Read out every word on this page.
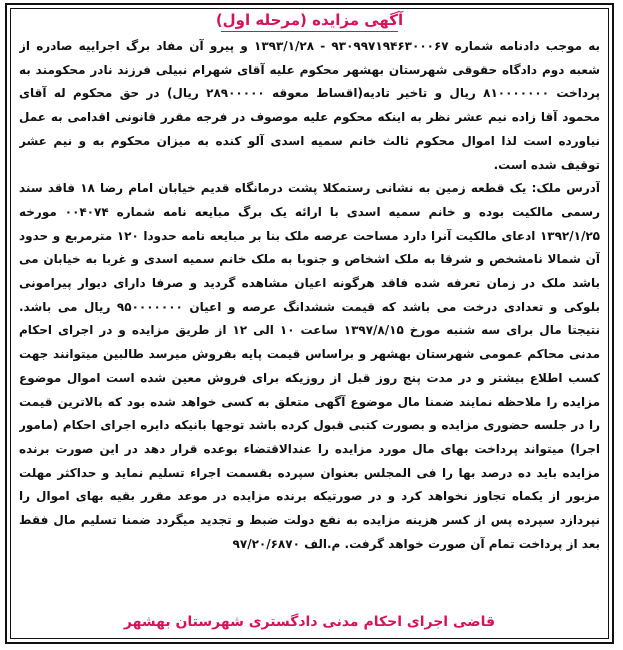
آگهی مزایده (مرحله اول)

به موجب دادنامه شماره ۹۳۰۹۹۷۱۹۴۶۳۰۰۰۶۷ - ۱۳۹۳/۱/۲۸ و پیرو آن مفاد برگ اجراییه صادره از شعبه دوم دادگاه حقوقی شهرستان بهشهر محکوم علیه آقای شهرام نبیلی فرزند نادر محکومند به پرداخت ۸۱۰۰۰۰۰۰۰ ریال و تاخیر تادیه(اقساط معوقه ۲۸۹۰۰۰۰۰ ریال) در حق محکوم له آقای محمود آقا زاده نیم عشر نظر به اینکه محکوم علیه موصوف در فرجه مقرر قانونی اقدامی به عمل نیاورده است لذا اموال محکوم ثالث خانم سمیه اسدی آلو کنده به میزان محکوم به و نیم عشر توقیف شده است.

آدرس ملک: یک قطعه زمین به نشانی رستمکلا پشت درمانگاه قدیم خیابان امام رضا ۱۸ فاقد سند رسمی مالکیت بوده و خانم سمیه اسدی با ارائه یک برگ مبایعه نامه شماره ۰۰۴۰۷۴ مورخه ۱۳۹۲/۱/۲۵ ادعای مالکیت آنرا دارد مساحت عرصه ملک بنا بر مبایعه نامه حدودا ۱۲۰ مترمربع و حدود آن شمالا نامشخص و شرقا به ملک اشخاص و جنوبا به ملک خانم سمیه اسدی و غربا به خیابان می باشد ملک در زمان تعرفه شده فاقد هرگونه اعیان مشاهده گردید و صرفا دارای دیوار پیرامونی بلوکی و تعدادی درخت می باشد که قیمت ششدانگ عرصه و اعیان ۹۵۰۰۰۰۰۰۰ ریال می باشد. نتیجتا مال برای سه شنبه مورخ ۱۳۹۷/۸/۱۵ ساعت ۱۰ الی ۱۲ از طریق مزایده و در اجرای احکام مدنی محاکم عمومی شهرستان بهشهر و براساس قیمت پایه بفروش میرسد طالبین میتوانند جهت کسب اطلاع بیشتر و در مدت پنج روز قبل از روزیکه برای فروش معین شده است اموال موضوع مزایده را ملاحظه نمایند ضمنا مال موضوع آگهی متعلق به کسی خواهد شده بود که بالاترین قیمت را در جلسه حضوری مزایده و بصورت کتبی قبول کرده باشد توجها بانیکه دایره اجرای احکام (مامور اجرا) میتواند پرداخت بهای مال مورد مزایده را عندالاقتضاء بوعده قرار دهد در این صورت برنده مزایده باید ده درصد بها را فی المجلس بعنوان سپرده بقسمت اجراء تسلیم نماید و حداکثر مهلت مزبور از یکماه تجاوز نخواهد کرد و در صورتیکه برنده مزایده در موعد مقرر بقیه بهای اموال را نپردازد سپرده پس از کسر هزینه مزایده به نفع دولت ضبط و تجدید میگردد ضمنا تسلیم مال فقط بعد از پرداخت تمام آن صورت خواهد گرفت. م.الف ۹۷/۲۰/۶۸۷۰

قاضی اجرای احکام مدنی دادگستری شهرستان بهشهر
